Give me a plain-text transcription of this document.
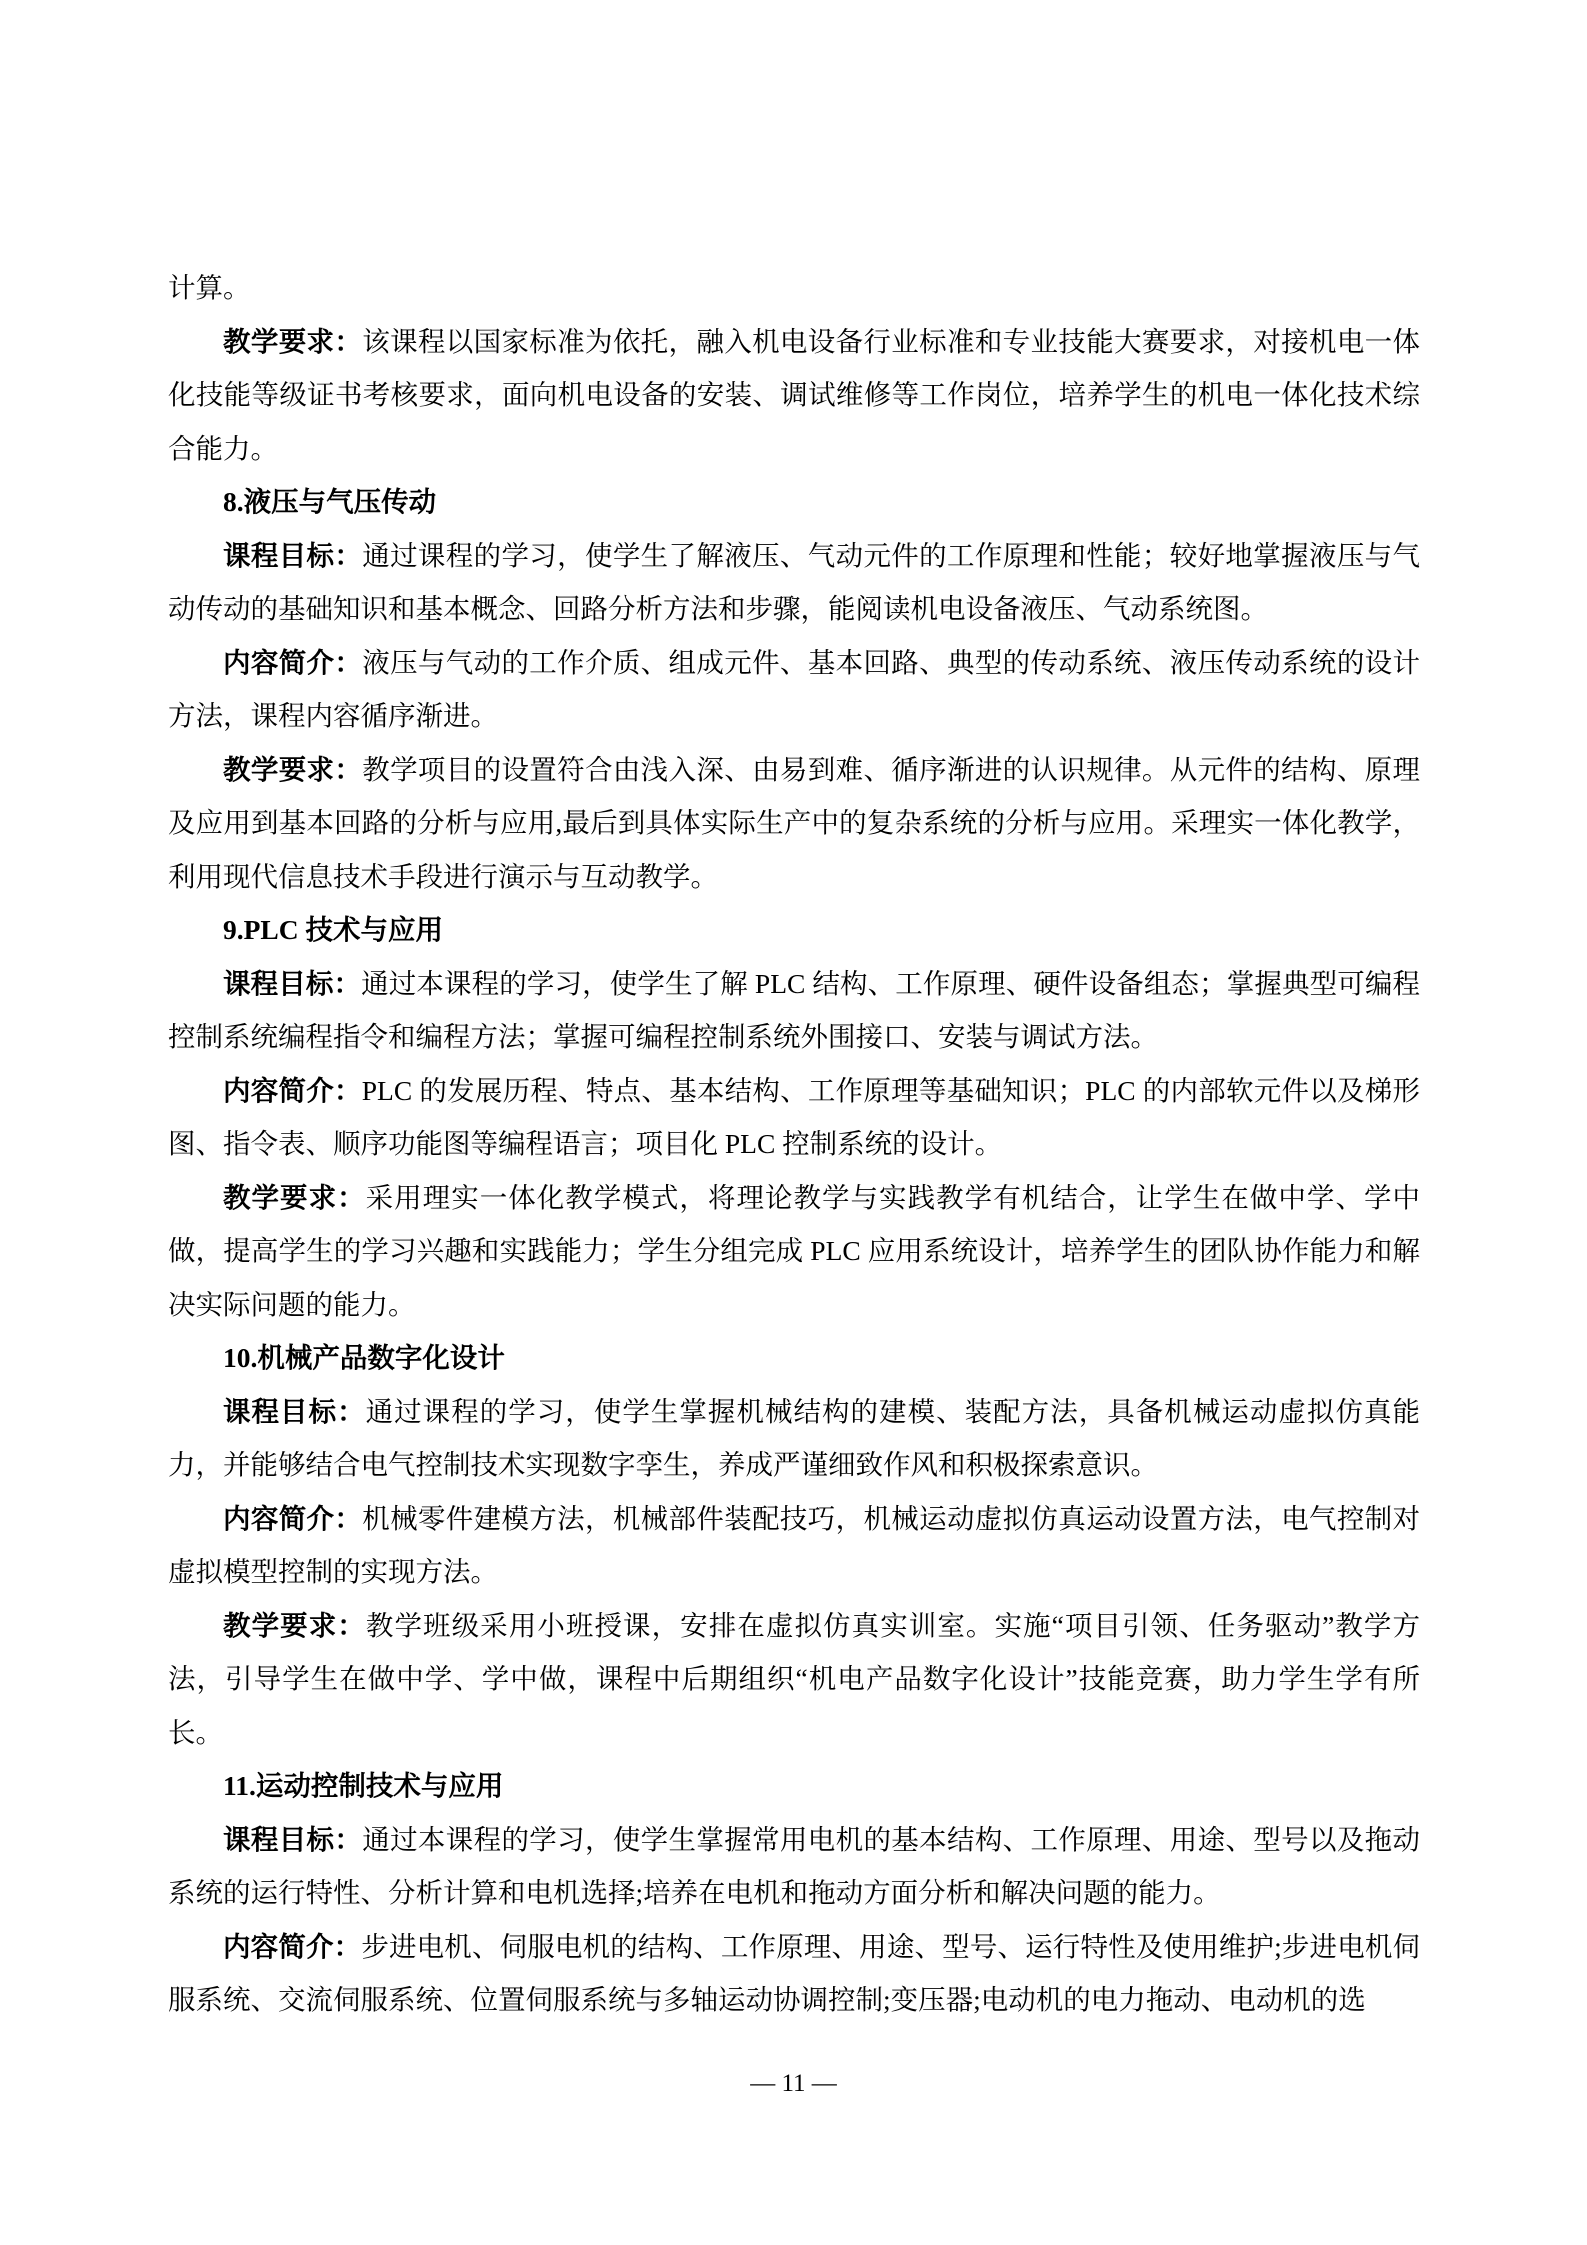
计算。

教学要求：该课程以国家标准为依托，融入机电设备行业标准和专业技能大赛要求，对接机电一体化技能等级证书考核要求，面向机电设备的安装、调试维修等工作岗位，培养学生的机电一体化技术综合能力。

8.液压与气压传动

课程目标：通过课程的学习，使学生了解液压、气动元件的工作原理和性能；较好地掌握液压与气动传动的基础知识和基本概念、回路分析方法和步骤，能阅读机电设备液压、气动系统图。

内容简介：液压与气动的工作介质、组成元件、基本回路、典型的传动系统、液压传动系统的设计方法，课程内容循序渐进。

教学要求：教学项目的设置符合由浅入深、由易到难、循序渐进的认识规律。从元件的结构、原理及应用到基本回路的分析与应用,最后到具体实际生产中的复杂系统的分析与应用。采理实一体化教学，利用现代信息技术手段进行演示与互动教学。

9.PLC 技术与应用

课程目标：通过本课程的学习，使学生了解 PLC 结构、工作原理、硬件设备组态；掌握典型可编程控制系统编程指令和编程方法；掌握可编程控制系统外围接口、安装与调试方法。

内容简介：PLC 的发展历程、特点、基本结构、工作原理等基础知识；PLC 的内部软元件以及梯形图、指令表、顺序功能图等编程语言；项目化 PLC 控制系统的设计。

教学要求：采用理实一体化教学模式，将理论教学与实践教学有机结合，让学生在做中学、学中做，提高学生的学习兴趣和实践能力；学生分组完成 PLC 应用系统设计，培养学生的团队协作能力和解决实际问题的能力。

10.机械产品数字化设计

课程目标：通过课程的学习，使学生掌握机械结构的建模、装配方法，具备机械运动虚拟仿真能力，并能够结合电气控制技术实现数字孪生，养成严谨细致作风和积极探索意识。

内容简介：机械零件建模方法，机械部件装配技巧，机械运动虚拟仿真运动设置方法，电气控制对虚拟模型控制的实现方法。

教学要求：教学班级采用小班授课，安排在虚拟仿真实训室。实施“项目引领、任务驱动”教学方法，引导学生在做中学、学中做，课程中后期组织“机电产品数字化设计”技能竞赛，助力学生学有所长。

11.运动控制技术与应用

课程目标：通过本课程的学习，使学生掌握常用电机的基本结构、工作原理、用途、型号以及拖动系统的运行特性、分析计算和电机选择;培养在电机和拖动方面分析和解决问题的能力。

内容简介：步进电机、伺服电机的结构、工作原理、用途、型号、运行特性及使用维护;步进电机伺服系统、交流伺服系统、位置伺服系统与多轴运动协调控制;变压器;电动机的电力拖动、电动机的选

— 11 —
